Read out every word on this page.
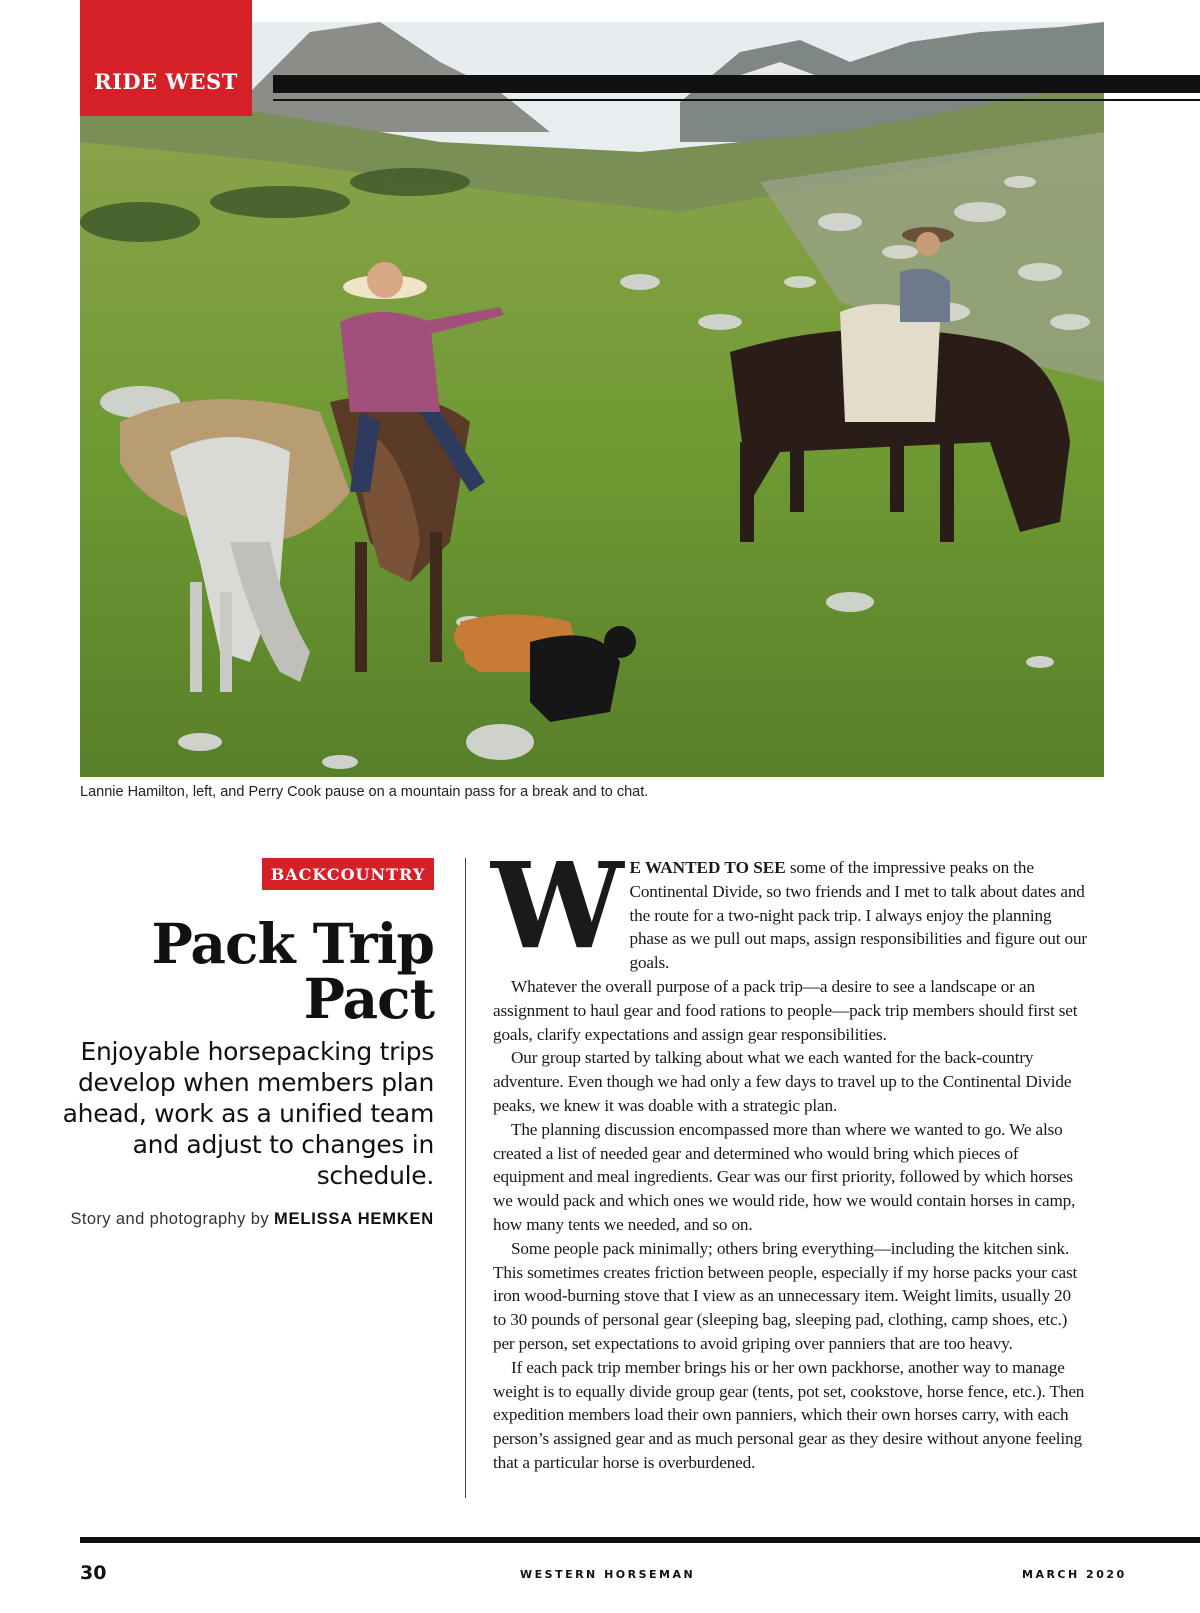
RIDE WEST
Lannie Hamilton, left, and Perry Cook pause on a mountain pass for a break and to chat.
BACKCOUNTRY
Pack Trip
Pact
Enjoyable horsepacking trips develop when members plan ahead, work as a unified team and adjust to changes in schedule.
Story and photography by MELISSA HEMKEN

W E WANTED TO SEE some of the impressive peaks on the Continental Divide, so two friends and I met to talk about dates and the route for a two-night pack trip. I always enjoy the planning phase as we pull out maps, assign responsibilities and figure out our goals.

Whatever the overall purpose of a pack trip—a desire to see a landscape or an assignment to haul gear and food rations to people—pack trip members should first set goals, clarify expectations and assign gear responsibilities.

Our group started by talking about what we each wanted for the back-country adventure. Even though we had only a few days to travel up to the Continental Divide peaks, we knew it was doable with a strategic plan.

The planning discussion encompassed more than where we wanted to go. We also created a list of needed gear and determined who would bring which pieces of equipment and meal ingredients. Gear was our first priority, followed by which horses we would pack and which ones we would ride, how we would contain horses in camp, how many tents we needed, and so on.

Some people pack minimally; others bring everything—including the kitchen sink. This sometimes creates friction between people, especially if my horse packs your cast iron wood-burning stove that I view as an unnecessary item. Weight limits, usually 20 to 30 pounds of personal gear (sleeping bag, sleeping pad, clothing, camp shoes, etc.) per person, set expectations to avoid griping over panniers that are too heavy.

If each pack trip member brings his or her own packhorse, another way to manage weight is to equally divide group gear (tents, pot set, cookstove, horse fence, etc.). Then expedition members load their own panniers, which their own horses carry, with each person’s assigned gear and as much personal gear as they desire without anyone feeling that a particular horse is overburdened.

30	WESTERN HORSEMAN	MARCH 2020
